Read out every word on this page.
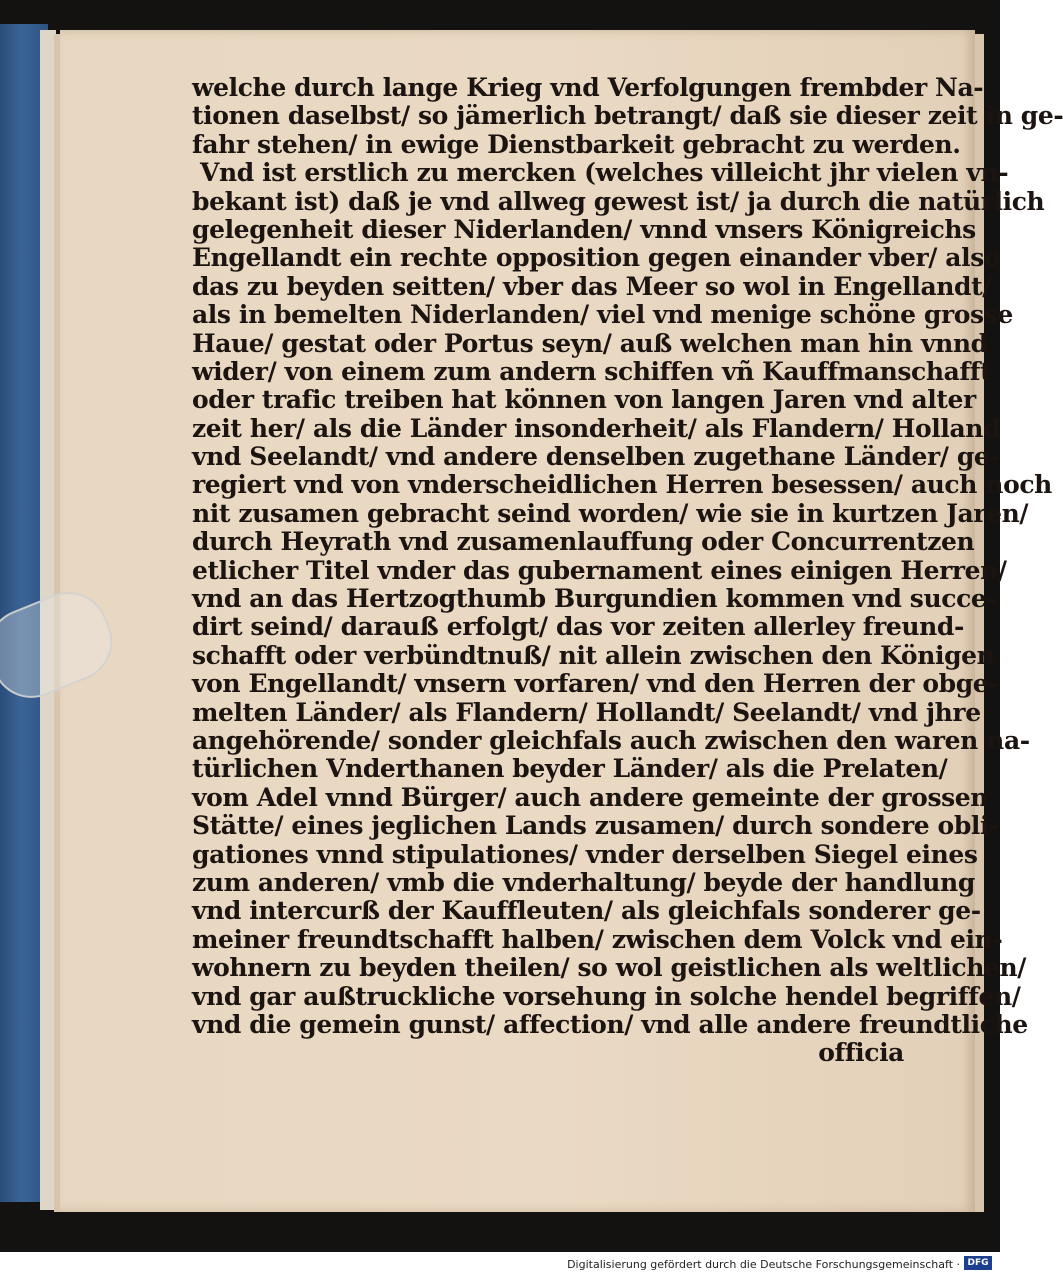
welche durch lange Krieg vnd Verfolgungen frembder Na-
tionen daselbst/ so jämerlich betrangt/ daß sie dieser zeit in ge-
fahr stehen/ in ewige Dienstbarkeit gebracht zu werden.
Vnd ist erstlich zu mercken (welches villeicht jhr vielen vn-
bekant ist) daß je vnd allweg gewest ist/ ja durch die natürlich
gelegenheit dieser Niderlanden/ vnnd vnsers Königreichs
Engellandt ein rechte opposition gegen einander vber/ also
das zu beyden seitten/ vber das Meer so wol in Engellandt/
als in bemelten Niderlanden/ viel vnd menige schöne grosse
Haue/ gestat oder Portus seyn/ auß welchen man hin vnnd
wider/ von einem zum andern schiffen vñ Kauffmanschafft
oder trafic treiben hat können von langen Jaren vnd alter
zeit her/ als die Länder insonderheit/ als Flandern/ Holland
vnd Seelandt/ vnd andere denselben zugethane Länder/ ge-
regiert vnd von vnderscheidlichen Herren besessen/ auch noch
nit zusamen gebracht seind worden/ wie sie in kurtzen Jaren/
durch Heyrath vnd zusamenlauffung oder Concurrentzen
etlicher Titel vnder das gubernament eines einigen Herren/
vnd an das Hertzogthumb Burgundien kommen vnd succe-
dirt seind/ darauß erfolgt/ das vor zeiten allerley freund-
schafft oder verbündtnuß/ nit allein zwischen den Königen
von Engellandt/ vnsern vorfaren/ vnd den Herren der obge-
melten Länder/ als Flandern/ Hollandt/ Seelandt/ vnd jhre
angehörende/ sonder gleichfals auch zwischen den waren na-
türlichen Vnderthanen beyder Länder/ als die Prelaten/
vom Adel vnnd Bürger/ auch andere gemeinte der grossen
Stätte/ eines jeglichen Lands zusamen/ durch sondere obli-
gationes vnnd stipulationes/ vnder derselben Siegel eines
zum anderen/ vmb die vnderhaltung/ beyde der handlung
vnd intercurß der Kauffleuten/ als gleichfals sonderer ge-
meiner freundtschafft halben/ zwischen dem Volck vnd ein-
wohnern zu beyden theilen/ so wol geistlichen als weltlichen/
vnd gar außtruckliche vorsehung in solche hendel begriffen/
vnd die gemein gunst/ affection/ vnd alle andere freundtliche
officia
Digitalisierung gefördert durch die Deutsche Forschungsgemeinschaft · DFG
